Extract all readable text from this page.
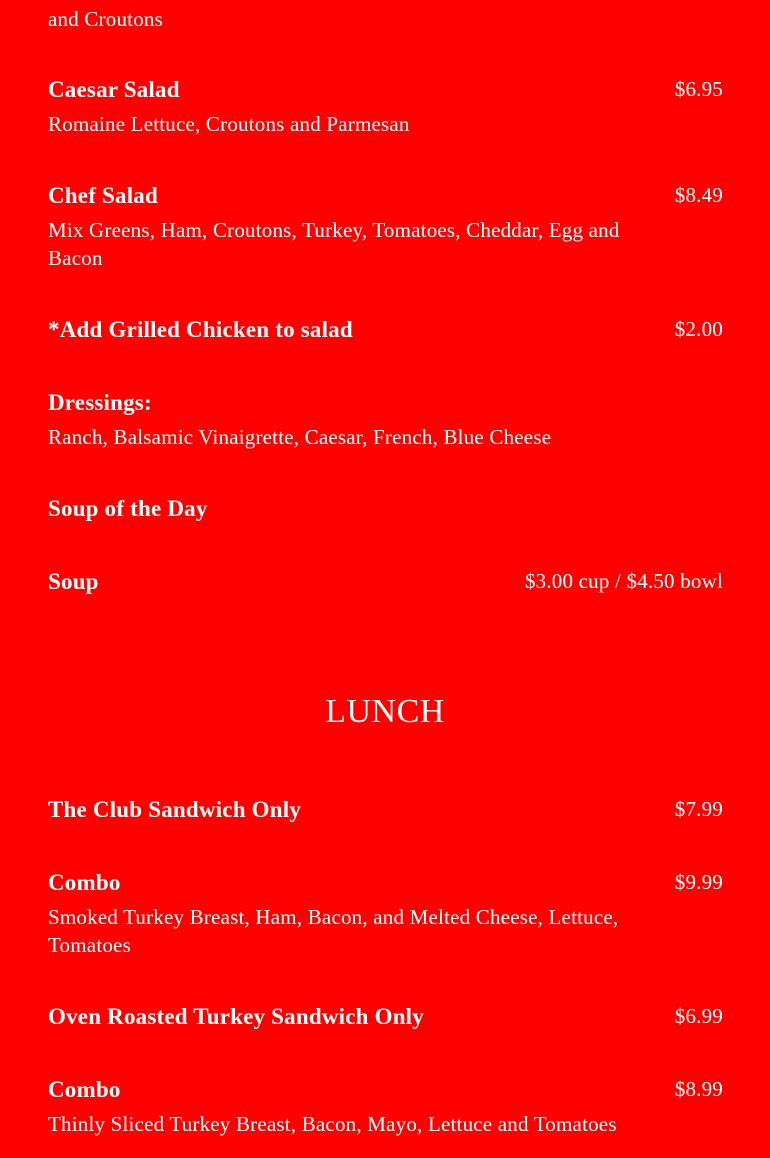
and Croutons
Caesar Salad	$6.95
Romaine Lettuce, Croutons and Parmesan
Chef Salad	$8.49
Mix Greens, Ham, Croutons, Turkey, Tomatoes, Cheddar, Egg and Bacon
*Add Grilled Chicken to salad	$2.00
Dressings:
Ranch, Balsamic Vinaigrette, Caesar, French, Blue Cheese
Soup of the Day
Soup	$3.00 cup / $4.50 bowl
LUNCH
The Club Sandwich Only	$7.99
Combo	$9.99
Smoked Turkey Breast, Ham, Bacon, and Melted Cheese, Lettuce, Tomatoes
Oven Roasted Turkey Sandwich Only	$6.99
Combo	$8.99
Thinly Sliced Turkey Breast, Bacon, Mayo, Lettuce and Tomatoes
